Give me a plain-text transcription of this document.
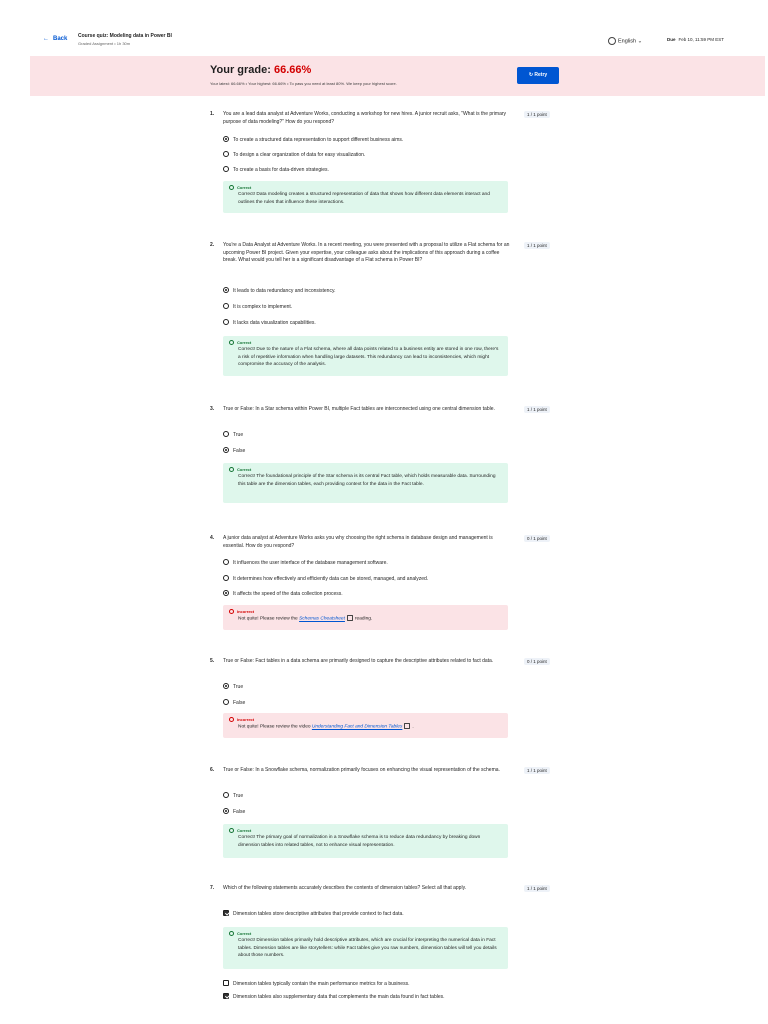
← Back Course quiz: Modeling data in Power BI
Graded Assignment • 1h 30m	English ⌄	Due Feb 10, 11:59 PM EST
Your grade: 66.66%
Your latest: 66.66% • Your highest: 66.66% • To pass you need at least 80%. We keep your highest score.
↻ Retry
1. You are a lead data analyst at Adventure Works, conducting a workshop for new hires. A junior recruit asks, "What is the primary purpose of data modeling?" How do you respond?
1 / 1 point
To create a structured data representation to support different business aims.
To design a clear organization of data for easy visualization.
To create a basis for data-driven strategies.
Correct
Correct! Data modeling creates a structured representation of data that shows how different data elements interact and outlines the rules that influence these interactions.
2. You're a Data Analyst at Adventure Works. In a recent meeting, you were presented with a proposal to utilize a Flat schema for an upcoming Power BI project. Given your expertise, your colleague asks about the implications of this approach during a coffee break. What would you tell her is a significant disadvantage of a Flat schema in Power BI?
1 / 1 point
It leads to data redundancy and inconsistency.
It is complex to implement.
It lacks data visualization capabilities.
Correct
Correct! Due to the nature of a Flat schema, where all data points related to a business entity are stored in one row, there's a risk of repetitive information when handling large datasets. This redundancy can lead to inconsistencies, which might compromise the accuracy of the analysis.
3. True or False: In a Star schema within Power BI, multiple Fact tables are interconnected using one central dimension table.	1 / 1 point
True
False
Correct
Correct! The foundational principle of the Star schema is its central Fact table, which holds measurable data. Surrounding this table are the dimension tables, each providing context for the data in the Fact table.
4. A junior data analyst at Adventure Works asks you why choosing the right schema in database design and management is essential. How do you respond?
0 / 1 point
It influences the user interface of the database management software.
It determines how effectively and efficiently data can be stored, managed, and analyzed.
It affects the speed of the data collection process.
Incorrect
Not quite! Please review the Schemas Cheatsheet reading.
5. True or False: Fact tables in a data schema are primarily designed to capture the descriptive attributes related to fact data.	0 / 1 point
True
False
Incorrect
Not quite! Please review the video Understanding Fact and Dimension Tables .
6. True or False: In a Snowflake schema, normalization primarily focuses on enhancing the visual representation of the schema.	1 / 1 point
True
False
Correct
Correct! The primary goal of normalization in a Snowflake schema is to reduce data redundancy by breaking down dimension tables into related tables, not to enhance visual representation.
7. Which of the following statements accurately describes the contents of dimension tables? Select all that apply.	1 / 1 point
Dimension tables store descriptive attributes that provide context to fact data.
Correct
Correct! Dimension tables primarily hold descriptive attributes, which are crucial for interpreting the numerical data in Fact tables. Dimension tables are like storytellers: while Fact tables give you raw numbers, dimension tables will tell you details about those numbers.
Dimension tables typically contain the main performance metrics for a business.
Dimension tables also supplementary data that complements the main data found in fact tables.
